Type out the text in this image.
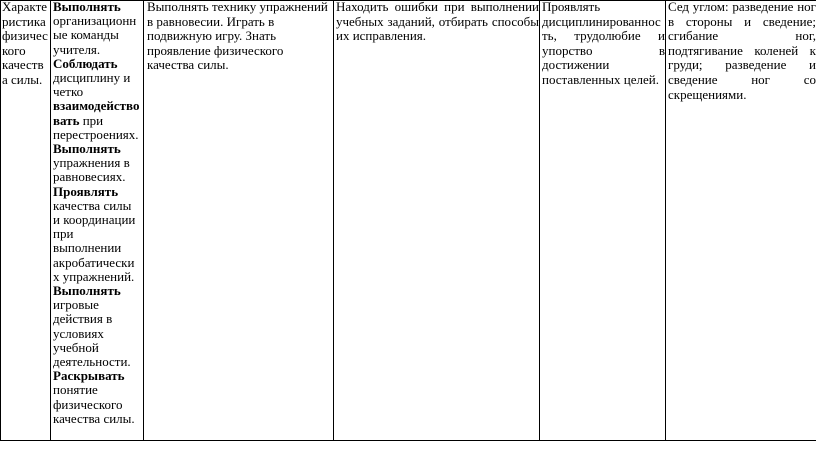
Характеристика физического качества силы.
Выполнять организационные команды учителя. Соблюдать дисциплину и четко взаимодействовать при перестроениях. Выполнять упражнения в равновесиях. Проявлять качества силы и координации при выполнении акробатических упражнений. Выполнять игровые действия в условиях учебной деятельности. Раскрывать понятие физического качества силы.
Выполнять технику упражнений в равновесии. Играть в подвижную игру. Знать проявление физического качества силы.
Находить ошибки при выполнении учебных заданий, отбирать способы их исправления.
Проявлять дисциплинированность, трудолюбие и упорство в достижении поставленных целей.
Сед углом: разведение ног в стороны и сведение; сгибание ног, подтягивание коленей к груди; разведение и сведение ног со скрещениями.
